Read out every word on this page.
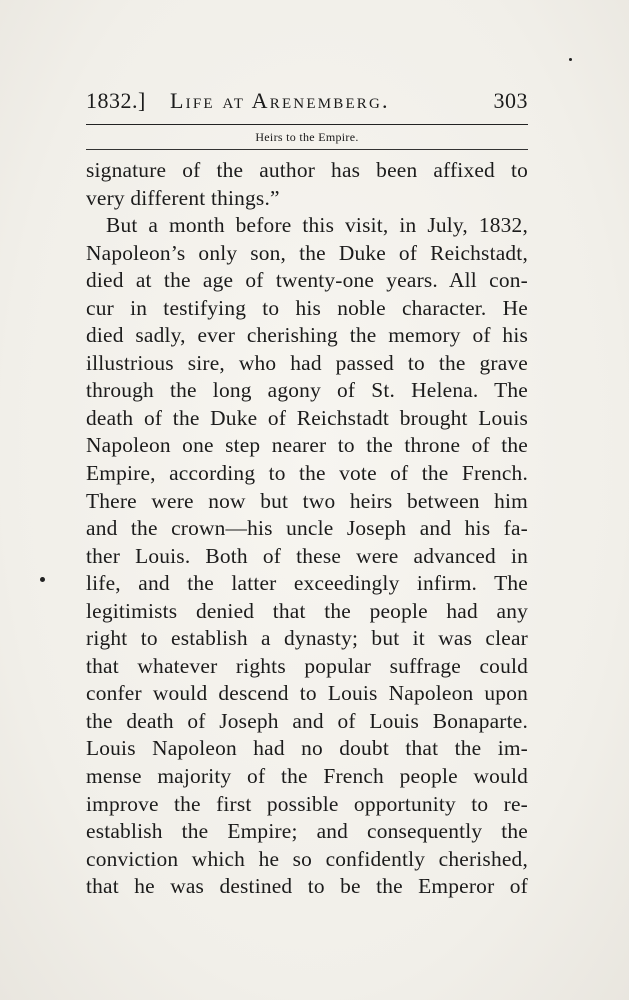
1832.] Life at Arenemberg.	303
Heirs to the Empire.
signature of the author has been affixed to
very different things.”
But a month before this visit, in July, 1832,
Napoleon’s only son, the Duke of Reichstadt,
died at the age of twenty-one years. All con-
cur in testifying to his noble character. He
died sadly, ever cherishing the memory of his
illustrious sire, who had passed to the grave
through the long agony of St. Helena. The
death of the Duke of Reichstadt brought Louis
Napoleon one step nearer to the throne of the
Empire, according to the vote of the French.
There were now but two heirs between him
and the crown—his uncle Joseph and his fa-
ther Louis. Both of these were advanced in
life, and the latter exceedingly infirm. The
legitimists denied that the people had any
right to establish a dynasty; but it was clear
that whatever rights popular suffrage could
confer would descend to Louis Napoleon upon
the death of Joseph and of Louis Bonaparte.
Louis Napoleon had no doubt that the im-
mense majority of the French people would
improve the first possible opportunity to re-
establish the Empire; and consequently the
conviction which he so confidently cherished,
that he was destined to be the Emperor of
